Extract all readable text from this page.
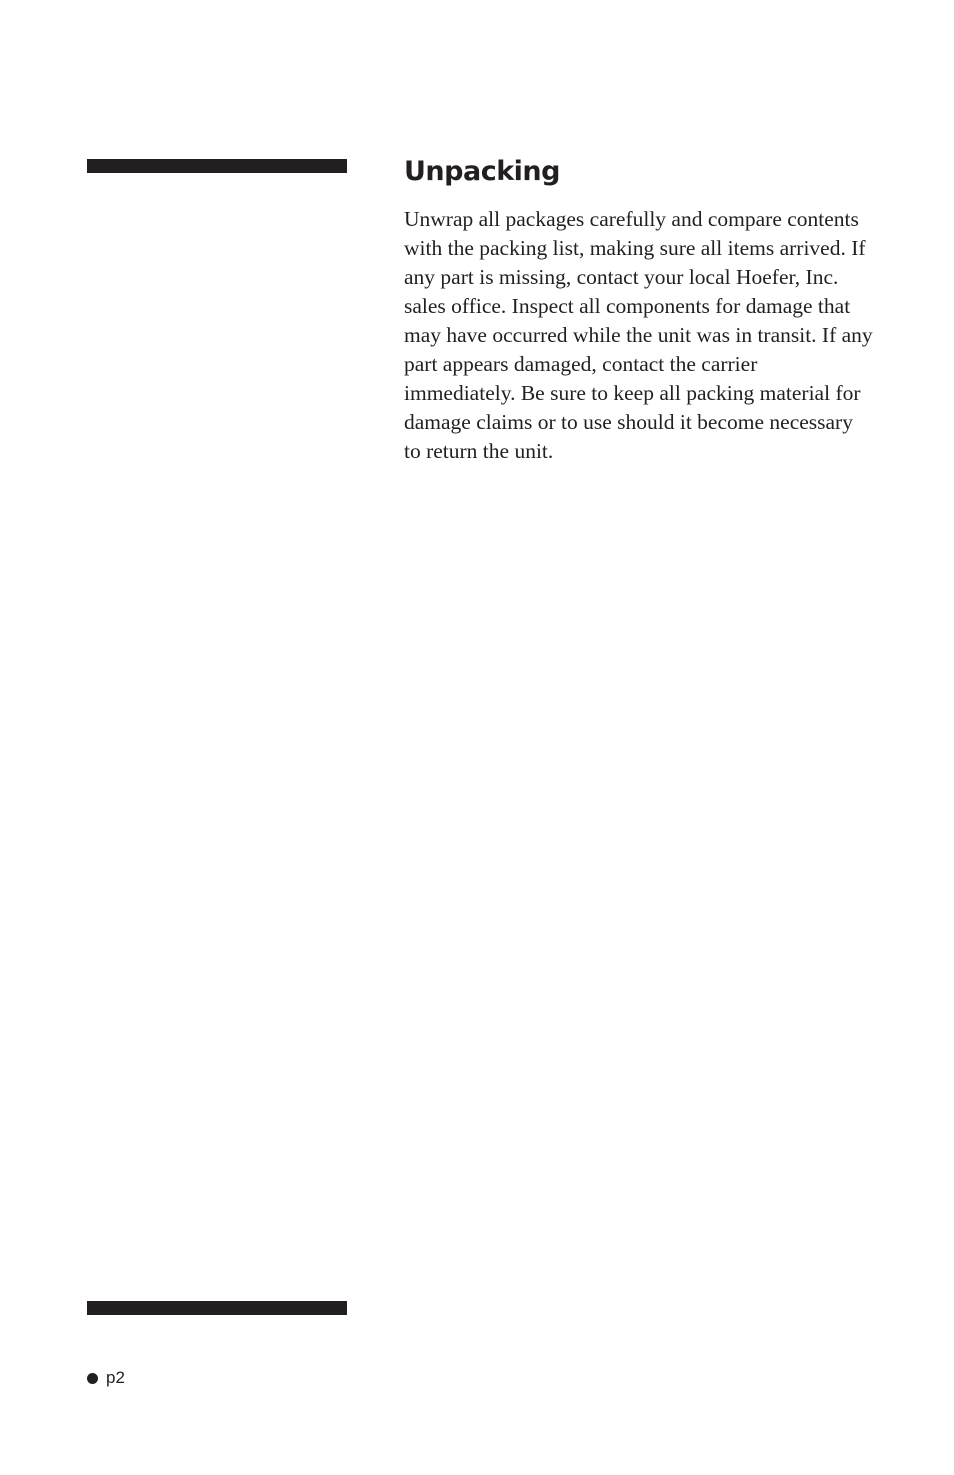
Unpacking

Unwrap all packages carefully and compare contents with the packing list, making sure all items arrived. If any part is missing, contact your local Hoefer, Inc. sales office. Inspect all components for damage that may have occurred while the unit was in transit. If any part appears damaged, contact the carrier immediately. Be sure to keep all packing material for damage claims or to use should it become necessary to return the unit.

p2
